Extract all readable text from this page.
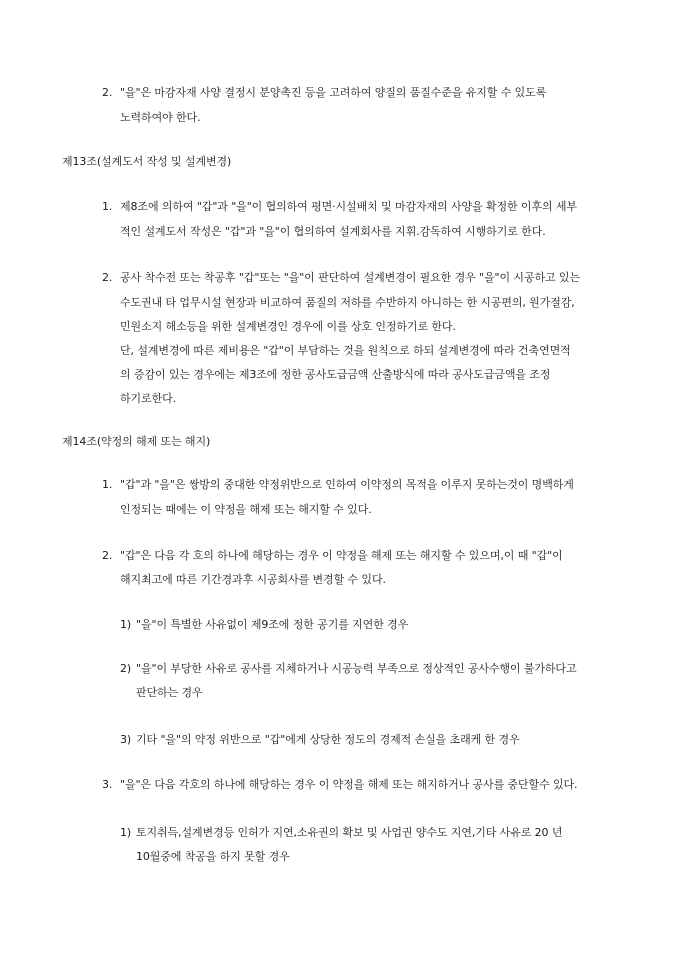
2. "을"은 마감자재 사양 결정시 분양촉진 등을 고려하여 양질의 품질수준을 유지할 수 있도록
노력하여야 한다.
제13조(설계도서 작성 및 설계변경)
1. 제8조에 의하여 "갑"과 "을"이 협의하여 평면·시설배치 및 마감자재의 사양을 확정한 이후의 세부
적인 설계도서 작성은 "갑"과 "을"이 협의하여 설계회사를 지휘.감독하여 시행하기로 한다.
2. 공사 착수전 또는 착공후 "갑"또는 "을"이 판단하여 설계변경이 필요한 경우 "을"이 시공하고 있는
수도권내 타 업무시설 현장과 비교하여 품질의 저하를 수반하지 아니하는 한 시공편의, 원가절감,
민원소지 해소등을 위한 설계변경인 경우에 이를 상호 인정하기로 한다.
단, 설계변경에 따른 제비용은 "갑"이 부담하는 것을 원칙으로 하되 설계변경에 따라 건축연면적
의 증감이 있는 경우에는 제3조에 정한 공사도급금액 산출방식에 따라 공사도급금액을 조정
하기로한다.
제14조(약정의 해제 또는 해지)
1. "갑"과 "을"은 쌍방의 중대한 약정위반으로 인하여 이약정의 목적을 이루지 못하는것이 명백하게
인정되는 때에는 이 약정을 해제 또는 해지할 수 있다.
2. "갑"은 다음 각 호의 하나에 해당하는 경우 이 약정을 해제 또는 해지할 수 있으며,이 때 "갑"이
해지최고에 따른 기간경과후 시공회사를 변경할 수 있다.
1) "을"이 특별한 사유없이 제9조에 정한 공기를 지연한 경우
2) "을"이 부당한 사유로 공사를 지체하거나 시공능력 부족으로 정상적인 공사수행이 불가하다고
판단하는 경우
3) 기타 "을"의 약정 위반으로 "갑"에게 상당한 정도의 경제적 손실을 초래케 한 경우
3. "을"은 다음 각호의 하나에 해당하는 경우 이 약정을 해제 또는 해지하거나 공사를 중단할수 있다.
1) 토지취득,설계변경등 인허가 지연,소유권의 확보 및 사업권 양수도 지연,기타 사유로 20 년
10월중에 착공을 하지 못할 경우
